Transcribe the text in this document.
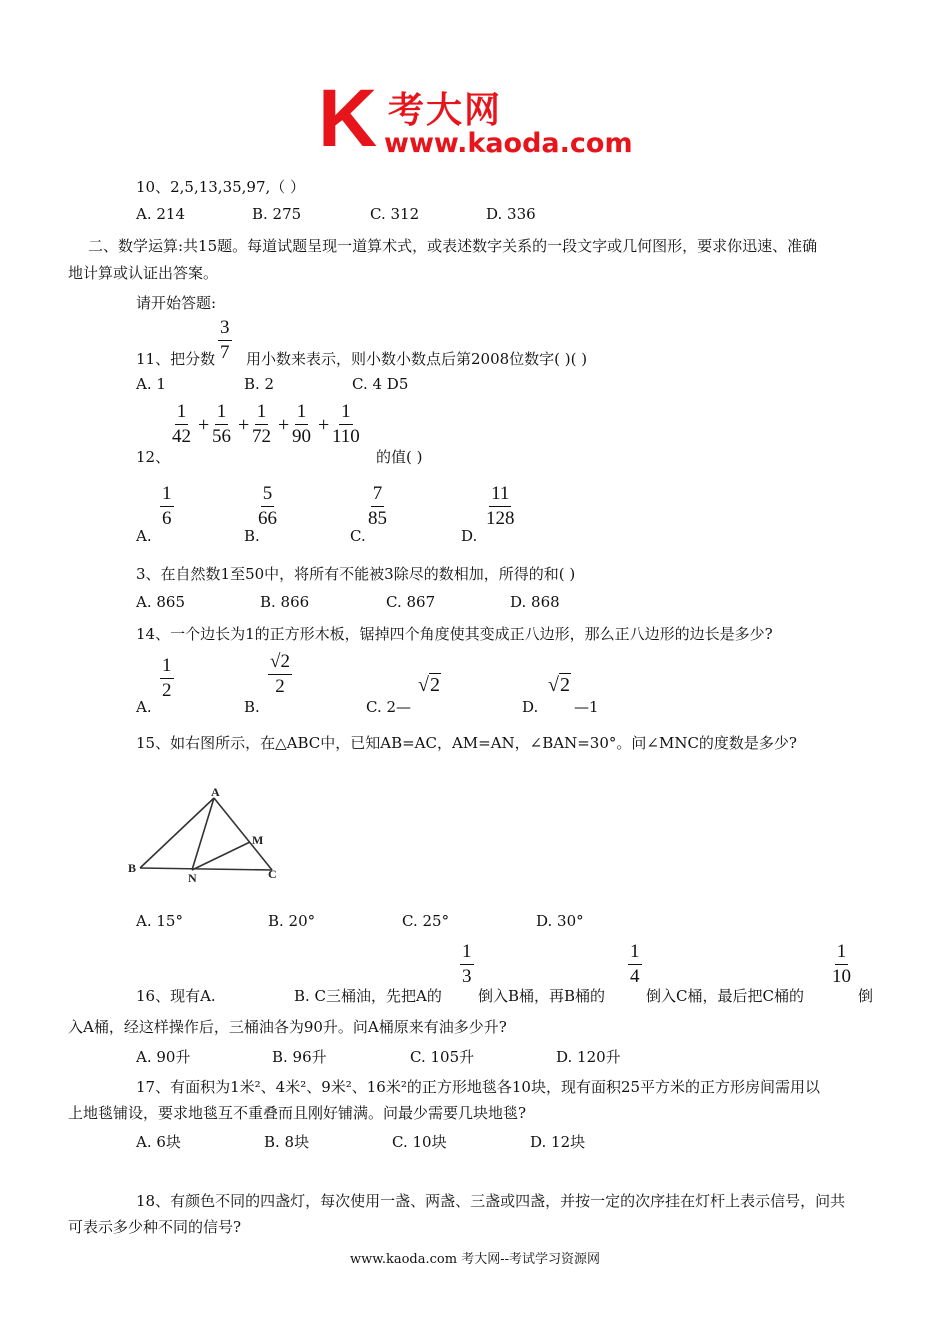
K 考大网
www.kaoda.com
10、2,5,13,35,97,（ ）
A. 214	B. 275	C. 312	D. 336
二、数学运算:共15题。每道试题呈现一道算术式，或表述数字关系的一段文字或几何图形，要求你迅速、准确
地计算或认证出答案。
请开始答题:
11、把分数 $\frac{3}{7}$ 用小数来表示，则小数小数点后第2008位数字( )( )
A. 1	B. 2	C. 4 D5
$\frac{1}{42} + \frac{1}{56} + \frac{1}{72} + \frac{1}{90} + \frac{1}{110}$
12、	的值( )
$\frac{1}{6}$
A.
$\frac{5}{66}$
B.
$\frac{7}{85}$
C.
$\frac{11}{128}$
D.
3、在自然数1至50中，将所有不能被3除尽的数相加，所得的和( )
A. 865	B. 866	C. 867	D. 868
14、一个边长为1的正方形木板，锯掉四个角度使其变成正八边形，那么正八边形的边长是多少?
$\frac{1}{2}$
A.
$\frac{√2}{2}$
B.	C. 2—
√2
D.
√2
—1
15、如右图所示，在△ABC中，已知AB=AC，AM=AN，∠BAN=30°。问∠MNC的度数是多少?
A
B	C
M
N
A. 15°	B. 20°	C. 25°	D. 30°
$\frac{1}{3}$	$\frac{1}{4}$	$\frac{1}{10}$
16、现有A.	B. C三桶油，先把A的 倒入B桶，再B桶的	倒入C桶，最后把C桶的	倒
入A桶，经这样操作后，三桶油各为90升。问A桶原来有油多少升?
A. 90升	B. 96升	C. 105升	D. 120升
17、有面积为1米²、4米²、9米²、16米²的正方形地毯各10块，现有面积25平方米的正方形房间需用以
上地毯铺设，要求地毯互不重叠而且刚好铺满。问最少需要几块地毯?
A. 6块	B. 8块	C. 10块	D. 12块
18、有颜色不同的四盏灯，每次使用一盏、两盏、三盏或四盏，并按一定的次序挂在灯杆上表示信号，问共
可表示多少种不同的信号?
www.kaoda.com 考大网--考试学习资源网
